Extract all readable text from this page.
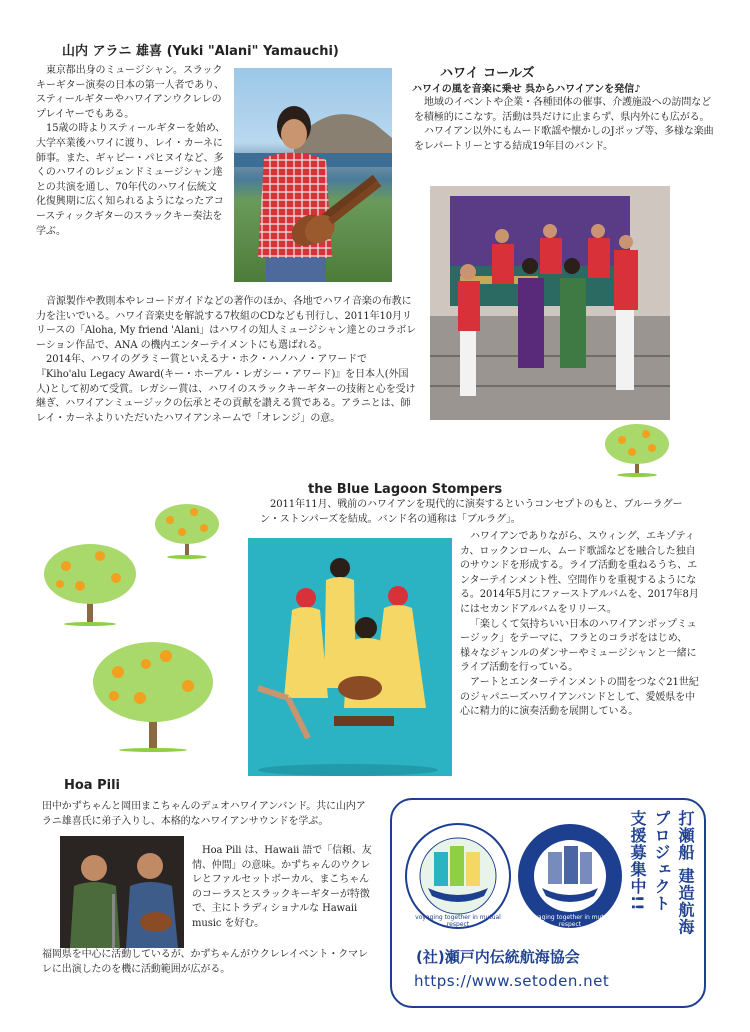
山内 アラニ 雄喜 (Yuki "Alani" Yamauchi)

東京都出身のミュージシャン。スラックキーギター演奏の日本の第一人者であり、スティールギターやハワイアンウクレレのプレイヤーでもある。

15歳の時よりスティールギターを始め、大学卒業後ハワイに渡り、レイ・カーネに師事。また、ギャビー・パヒヌイなど、多くのハワイのレジェンドミュージシャン達との共演を通し、70年代のハワイ伝統文化復興期に広く知られるようになったアコースティックギターのスラックキー奏法を学ぶ。

音源製作や教則本やレコードガイドなどの著作のほか、各地でハワイ音楽の布教に力を注いでいる。ハワイ音楽史を解説する7枚組のCDなども刊行し、2011年10月リリースの「Aloha, My friend 'Alani」はハワイの知人ミュージシャン達とのコラボレーション作品で、ANA の機内エンターテイメントにも選ばれる。

2014年、ハワイのグラミー賞といえるナ・ホク・ハノハノ・アワードで『Kiho'alu Legacy Award(キー・ホーアル・レガシー・アワード)』を日本人(外国人)として初めて受賞。レガシー賞は、ハワイのスラックキーギターの技術と心を受け継ぎ、ハワイアンミュージックの伝承とその貢献を讃える賞である。アラニとは、師レイ・カーネよりいただいたハワイアンネームで「オレンジ」の意。

ハワイ コールズ
ハワイの風を音楽に乗せ 呉からハワイアンを発信♪

地域のイベントや企業・各種団体の催事、介護施設への訪問などを積極的にこなす。活動は呉だけに止まらず、県内外にも広がる。

ハワイアン以外にもムード歌謡や懐かしのJポップ等、多様な楽曲をレパートリーとする結成19年目のバンド。

the Blue Lagoon Stompers

2011年11月、戦前のハワイアンを現代的に演奏するというコンセプトのもと、ブルーラグーン・ストンパーズを結成。バンド名の通称は「ブルラグ」。

ハワイアンでありながら、スウィング、エキゾティカ、ロックンロール、ムード歌謡などを融合した独自のサウンドを形成する。ライブ活動を重ねるうち、エンターテインメント性、空間作りを重視するようになる。2014年5月にファーストアルバムを、2017年8月にはセカンドアルバムをリリース。

「楽しくて気持ちいい日本のハワイアンポップミュージック」をテーマに、フラとのコラボをはじめ、様々なジャンルのダンサーやミュージシャンと一緒にライブ活動を行っている。

アートとエンターテインメントの間をつなぐ21世紀のジャパニーズハワイアンバンドとして、愛媛県を中心に精力的に演奏活動を展開している。

Hoa Pili

田中かずちゃんと岡田まこちゃんのデュオハワイアンバンド。共に山内アラニ雄喜氏に弟子入りし、本格的なハワイアンサウンドを学ぶ。

Hoa Pili は、Hawaii 語で「信頼、友情、仲間」の意味。かずちゃんのウクレレとファルセットボーカル、まこちゃんのコーラスとスラックキーギターが特徴で、主にトラディショナルな Hawaii music を好む。

福岡県を中心に活動しているが、かずちゃんがウクレレイベント・クマレレに出演したのを機に活動範囲が広がる。

voyaging together in mutual respect
voyaging together in mutual respect	打瀬船 建造航海
プロジェクト
支援募集中!!
(社)瀬戸内伝統航海協会
https://www.setoden.net
